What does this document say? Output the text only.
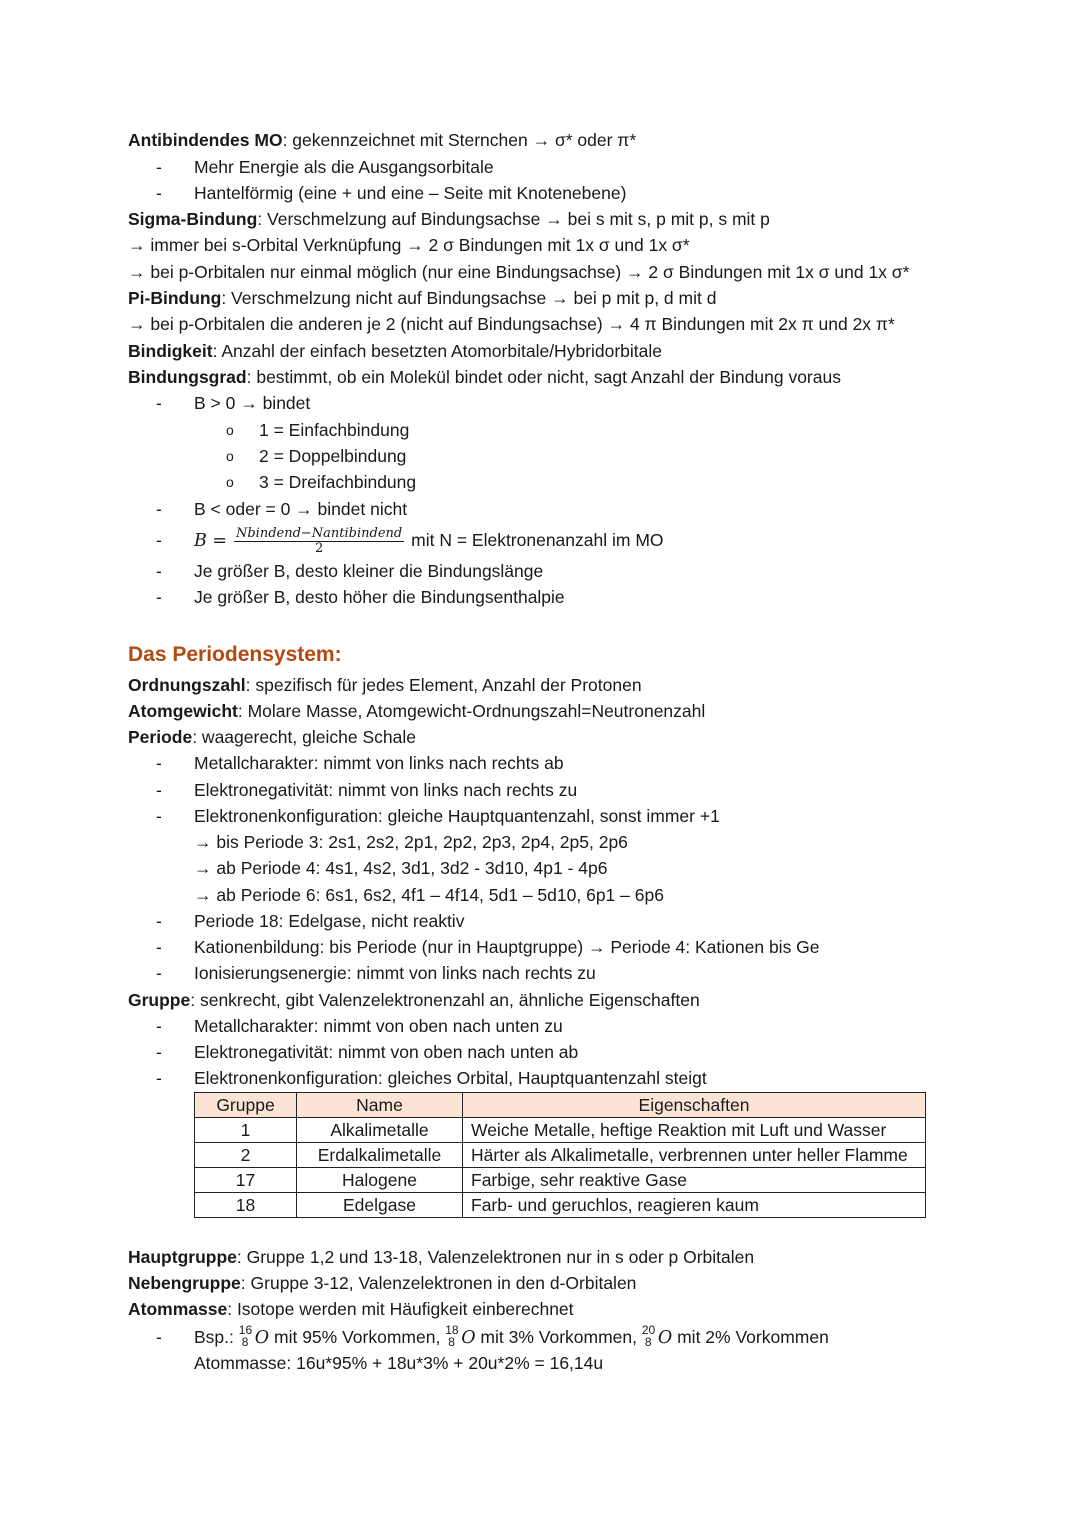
Antibindendes MO: gekennzeichnet mit Sternchen → σ* oder π*
- Mehr Energie als die Ausgangsorbitale
- Hantelförmig (eine + und eine – Seite mit Knotenebene)
Sigma-Bindung: Verschmelzung auf Bindungsachse → bei s mit s, p mit p, s mit p
→ immer bei s-Orbital Verknüpfung → 2 σ Bindungen mit 1x σ und 1x σ*
→ bei p-Orbitalen nur einmal möglich (nur eine Bindungsachse) → 2 σ Bindungen mit 1x σ und 1x σ*
Pi-Bindung: Verschmelzung nicht auf Bindungsachse → bei p mit p, d mit d
→ bei p-Orbitalen die anderen je 2 (nicht auf Bindungsachse) → 4 π Bindungen mit 2x π und 2x π*
Bindigkeit: Anzahl der einfach besetzten Atomorbitale/Hybridorbitale
Bindungsgrad: bestimmt, ob ein Molekül bindet oder nicht, sagt Anzahl der Bindung voraus
- B > 0 → bindet
o 1 = Einfachbindung
o 2 = Doppelbindung
o 3 = Dreifachbindung
- B < oder = 0 → bindet nicht
- $B = \frac{\text{Nbindend−Nantibindend}}{2}$ mit N = Elektronenanzahl im MO
- Je größer B, desto kleiner die Bindungslänge
- Je größer B, desto höher die Bindungsenthalpie
Das Periodensystem:
Ordnungszahl: spezifisch für jedes Element, Anzahl der Protonen
Atomgewicht: Molare Masse, Atomgewicht-Ordnungszahl=Neutronenzahl
Periode: waagerecht, gleiche Schale
- Metallcharakter: nimmt von links nach rechts ab
- Elektronegativität: nimmt von links nach rechts zu
- Elektronenkonfiguration: gleiche Hauptquantenzahl, sonst immer +1
→ bis Periode 3: 2s1, 2s2, 2p1, 2p2, 2p3, 2p4, 2p5, 2p6
→ ab Periode 4: 4s1, 4s2, 3d1, 3d2 - 3d10, 4p1 - 4p6
→ ab Periode 6: 6s1, 6s2, 4f1 – 4f14, 5d1 – 5d10, 6p1 – 6p6
- Periode 18: Edelgase, nicht reaktiv
- Kationenbildung: bis Periode (nur in Hauptgruppe) → Periode 4: Kationen bis Ge
- Ionisierungsenergie: nimmt von links nach rechts zu
Gruppe: senkrecht, gibt Valenzelektronenzahl an, ähnliche Eigenschaften
- Metallcharakter: nimmt von oben nach unten zu
- Elektronegativität: nimmt von oben nach unten ab
- Elektronenkonfiguration: gleiches Orbital, Hauptquantenzahl steigt
Gruppe	Name	Eigenschaften
1	Alkalimetalle	Weiche Metalle, heftige Reaktion mit Luft und Wasser
2	Erdalkalimetalle	Härter als Alkalimetalle, verbrennen unter heller Flamme
17	Halogene	Farbige, sehr reaktive Gase
18	Edelgase	Farb- und geruchlos, reagieren kaum
Hauptgruppe: Gruppe 1,2 und 13-18, Valenzelektronen nur in s oder p Orbitalen
Nebengruppe: Gruppe 3-12, Valenzelektronen in den d-Orbitalen
Atommasse: Isotope werden mit Häufigkeit einberechnet
- Bsp.: 16
8 O mit 95% Vorkommen, 18
8 O mit 3% Vorkommen, 20
8 O mit 2% Vorkommen
Atommasse: 16u*95% + 18u*3% + 20u*2% = 16,14u
